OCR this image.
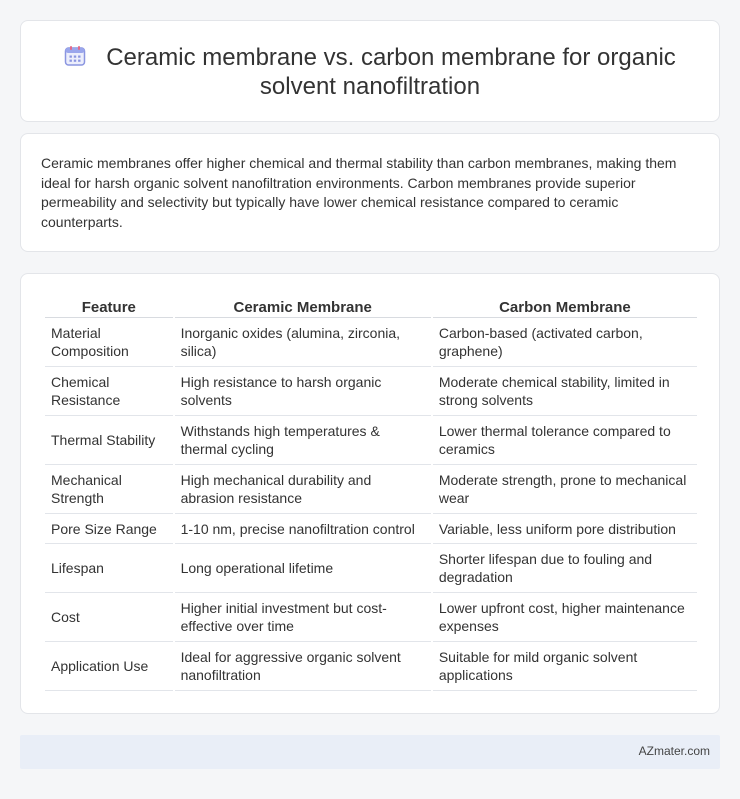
Ceramic membrane vs. carbon membrane for organic solvent nanofiltration

Ceramic membranes offer higher chemical and thermal stability than carbon membranes, making them ideal for harsh organic solvent nanofiltration environments. Carbon membranes provide superior permeability and selectivity but typically have lower chemical resistance compared to ceramic counterparts.

Feature	Ceramic Membrane	Carbon Membrane
Material Composition	Inorganic oxides (alumina, zirconia, silica)	Carbon-based (activated carbon, graphene)
Chemical Resistance	High resistance to harsh organic solvents	Moderate chemical stability, limited in strong solvents
Thermal Stability	Withstands high temperatures & thermal cycling	Lower thermal tolerance compared to ceramics
Mechanical Strength	High mechanical durability and abrasion resistance	Moderate strength, prone to mechanical wear
Pore Size Range	1-10 nm, precise nanofiltration control	Variable, less uniform pore distribution
Lifespan	Long operational lifetime	Shorter lifespan due to fouling and degradation
Cost	Higher initial investment but cost-effective over time	Lower upfront cost, higher maintenance expenses
Application Use	Ideal for aggressive organic solvent nanofiltration	Suitable for mild organic solvent applications
AZmater.com
